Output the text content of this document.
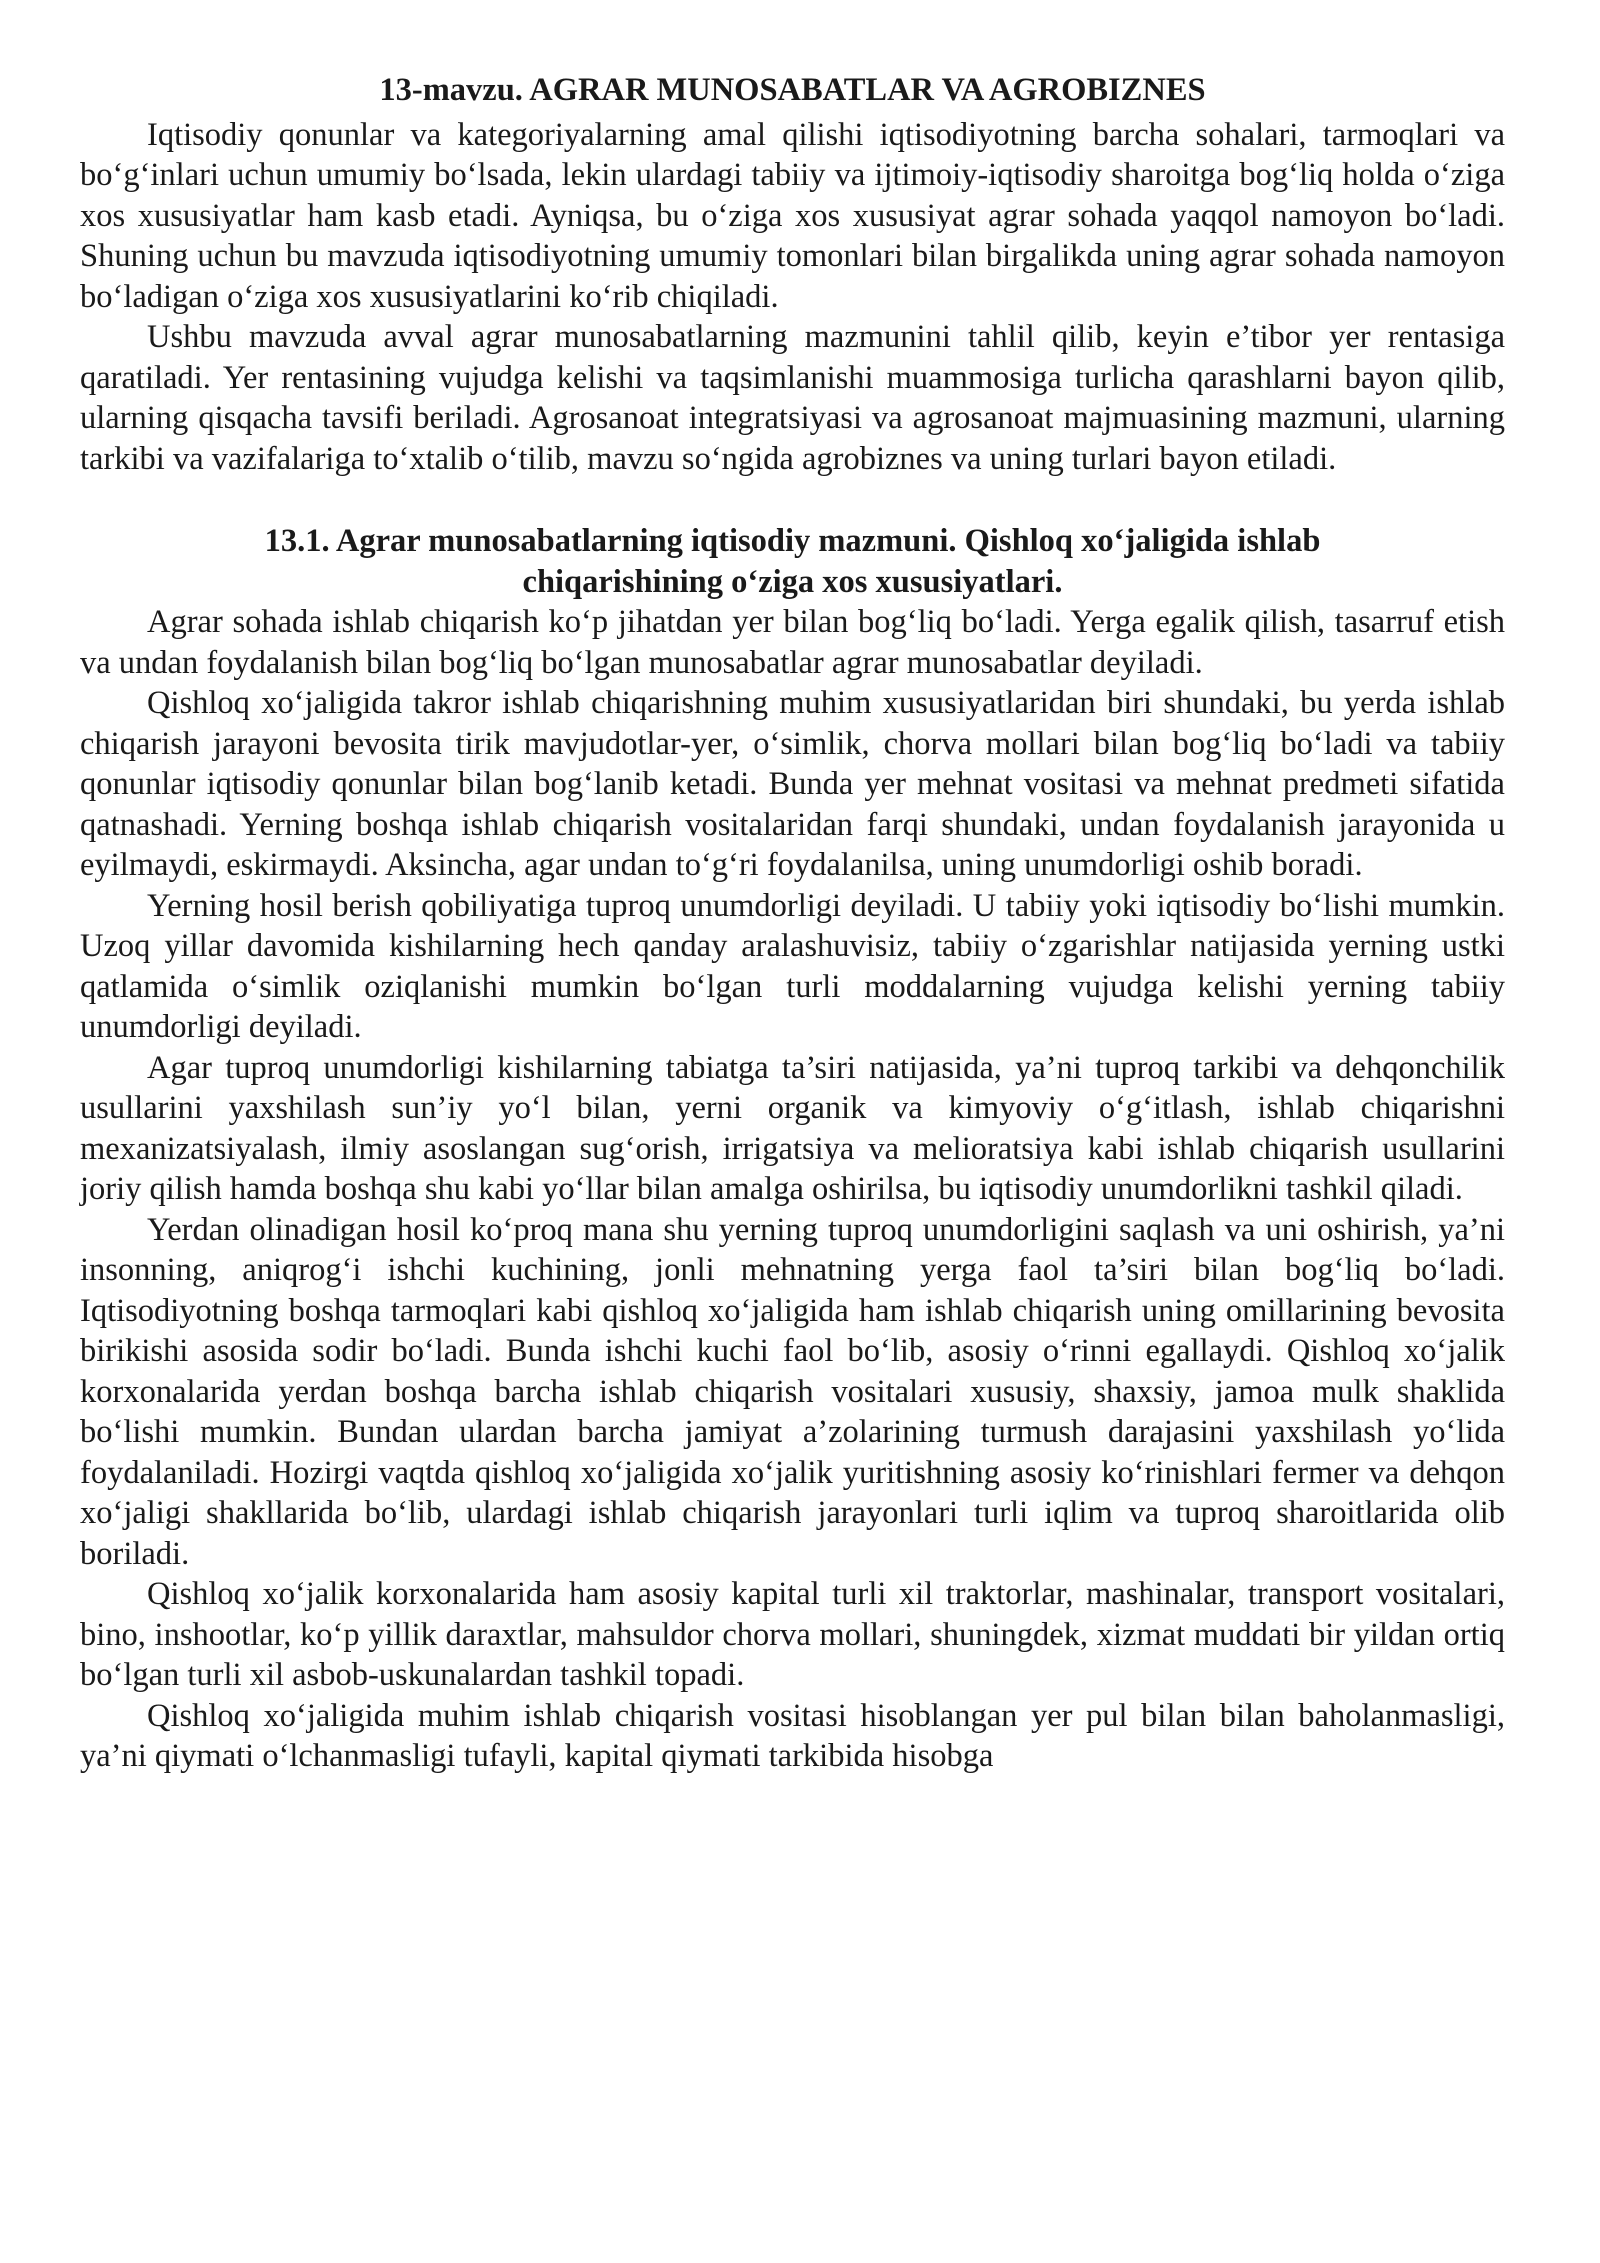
13-mavzu. AGRAR MUNOSABATLAR VA AGROBIZNES

Iqtisodiy qonunlar va kategoriyalarning amal qilishi iqtisodiyotning barcha sohalari, tarmoqlari va bo‘g‘inlari uchun umumiy bo‘lsada, lekin ulardagi tabiiy va ijtimoiy-iqtisodiy sharoitga bog‘liq holda o‘ziga xos xususiyatlar ham kasb etadi. Ayniqsa, bu o‘ziga xos xususiyat agrar sohada yaqqol namoyon bo‘ladi. Shuning uchun bu mavzuda iqtisodiyotning umumiy tomonlari bilan birgalikda uning agrar sohada namoyon bo‘ladigan o‘ziga xos xususiyatlarini ko‘rib chiqiladi.

Ushbu mavzuda avval agrar munosabatlarning mazmunini tahlil qilib, keyin e’tibor yer rentasiga qaratiladi. Yer rentasining vujudga kelishi va taqsimlanishi muammosiga turlicha qarashlarni bayon qilib, ularning qisqacha tavsifi beriladi. Agrosanoat integratsiyasi va agrosanoat majmuasining mazmuni, ularning tarkibi va vazifalariga to‘xtalib o‘tilib, mavzu so‘ngida agrobiznes va uning turlari bayon etiladi.

13.1. Agrar munosabatlarning iqtisodiy mazmuni. Qishloq xo‘jaligida ishlab
chiqarishining o‘ziga xos xususiyatlari.

Agrar sohada ishlab chiqarish ko‘p jihatdan yer bilan bog‘liq bo‘ladi. Yerga egalik qilish, tasarruf etish va undan foydalanish bilan bog‘liq bo‘lgan munosabatlar agrar munosabatlar deyiladi.

Qishloq xo‘jaligida takror ishlab chiqarishning muhim xususiyatlaridan biri shundaki, bu yerda ishlab chiqarish jarayoni bevosita tirik mavjudotlar-yer, o‘simlik, chorva mollari bilan bog‘liq bo‘ladi va tabiiy qonunlar iqtisodiy qonunlar bilan bog‘lanib ketadi. Bunda yer mehnat vositasi va mehnat predmeti sifatida qatnashadi. Yerning boshqa ishlab chiqarish vositalaridan farqi shundaki, undan foydalanish jarayonida u eyilmaydi, eskirmaydi. Aksincha, agar undan to‘g‘ri foydalanilsa, uning unumdorligi oshib boradi.

Yerning hosil berish qobiliyatiga tuproq unumdorligi deyiladi. U tabiiy yoki iqtisodiy bo‘lishi mumkin. Uzoq yillar davomida kishilarning hech qanday aralashuvisiz, tabiiy o‘zgarishlar natijasida yerning ustki qatlamida o‘simlik oziqlanishi mumkin bo‘lgan turli moddalarning vujudga kelishi yerning tabiiy unumdorligi deyiladi.

Agar tuproq unumdorligi kishilarning tabiatga ta’siri natijasida, ya’ni tuproq tarkibi va dehqonchilik usullarini yaxshilash sun’iy yo‘l bilan, yerni organik va kimyoviy o‘g‘itlash, ishlab chiqarishni mexanizatsiyalash, ilmiy asoslangan sug‘orish, irrigatsiya va melioratsiya kabi ishlab chiqarish usullarini joriy qilish hamda boshqa shu kabi yo‘llar bilan amalga oshirilsa, bu iqtisodiy unumdorlikni tashkil qiladi.

Yerdan olinadigan hosil ko‘proq mana shu yerning tuproq unumdorligini saqlash va uni oshirish, ya’ni insonning, aniqrog‘i ishchi kuchining, jonli mehnatning yerga faol ta’siri bilan bog‘liq bo‘ladi. Iqtisodiyotning boshqa tarmoqlari kabi qishloq xo‘jaligida ham ishlab chiqarish uning omillarining bevosita birikishi asosida sodir bo‘ladi. Bunda ishchi kuchi faol bo‘lib, asosiy o‘rinni egallaydi. Qishloq xo‘jalik korxonalarida yerdan boshqa barcha ishlab chiqarish vositalari xususiy, shaxsiy, jamoa mulk shaklida bo‘lishi mumkin. Bundan ulardan barcha jamiyat a’zolarining turmush darajasini yaxshilash yo‘lida foydalaniladi. Hozirgi vaqtda qishloq xo‘jaligida xo‘jalik yuritishning asosiy ko‘rinishlari fermer va dehqon xo‘jaligi shakllarida bo‘lib, ulardagi ishlab chiqarish jarayonlari turli iqlim va tuproq sharoitlarida olib boriladi.

Qishloq xo‘jalik korxonalarida ham asosiy kapital turli xil traktorlar, mashinalar, transport vositalari, bino, inshootlar, ko‘p yillik daraxtlar, mahsuldor chorva mollari, shuningdek, xizmat muddati bir yildan ortiq bo‘lgan turli xil asbob-uskunalardan tashkil topadi.

Qishloq xo‘jaligida muhim ishlab chiqarish vositasi hisoblangan yer pul bilan bilan baholanmasligi, ya’ni qiymati o‘lchanmasligi tufayli, kapital qiymati tarkibida hisobga
